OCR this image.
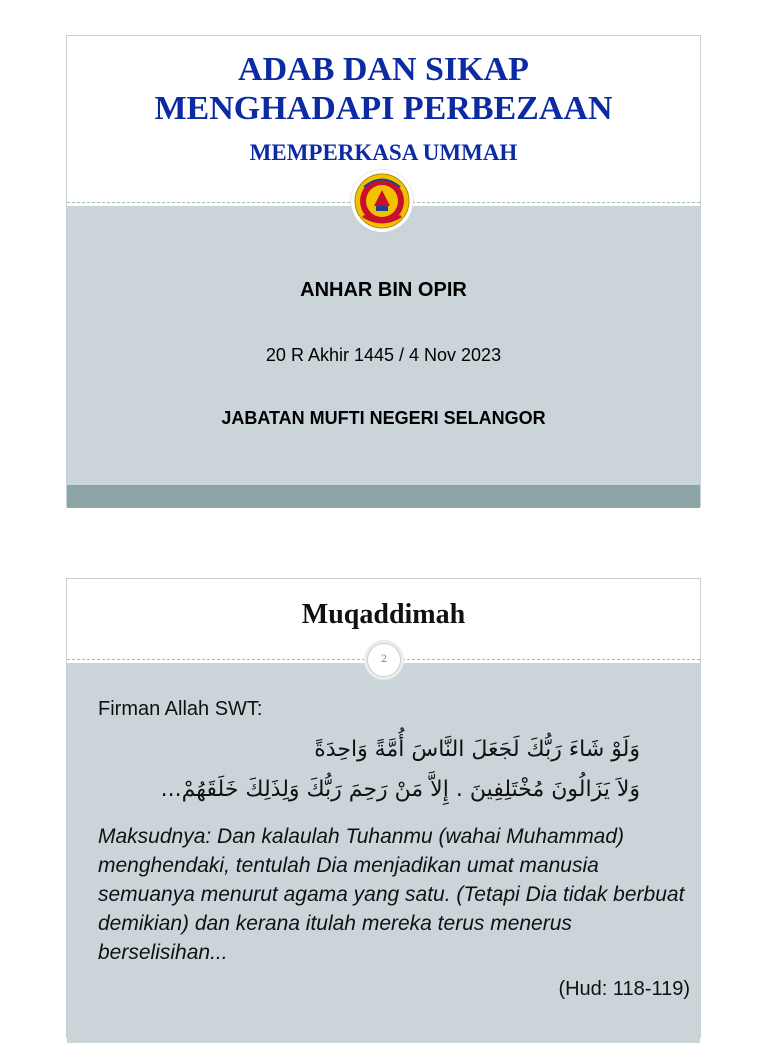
ADAB DAN SIKAP
MENGHADAPI PERBEZAAN
MEMPERKASA UMMAH
ANHAR BIN OPIR
20 R Akhir 1445 / 4 Nov 2023
JABATAN MUFTI NEGERI SELANGOR
Muqaddimah
2
Firman Allah SWT:
وَلَوْ شَاءَ رَبُّكَ لَجَعَلَ النَّاسَ أُمَّةً وَاحِدَةً
وَلاَ يَزَالُونَ مُخْتَلِفِينَ . إِلاَّ مَنْ رَحِمَ رَبُّكَ وَلِذَلِكَ خَلَقَهُمْ...
Maksudnya: Dan kalaulah Tuhanmu (wahai Muhammad) menghendaki, tentulah Dia menjadikan umat manusia semuanya menurut agama yang satu. (Tetapi Dia tidak berbuat demikian) dan kerana itulah mereka terus menerus berselisihan...
(Hud: 118-119)
